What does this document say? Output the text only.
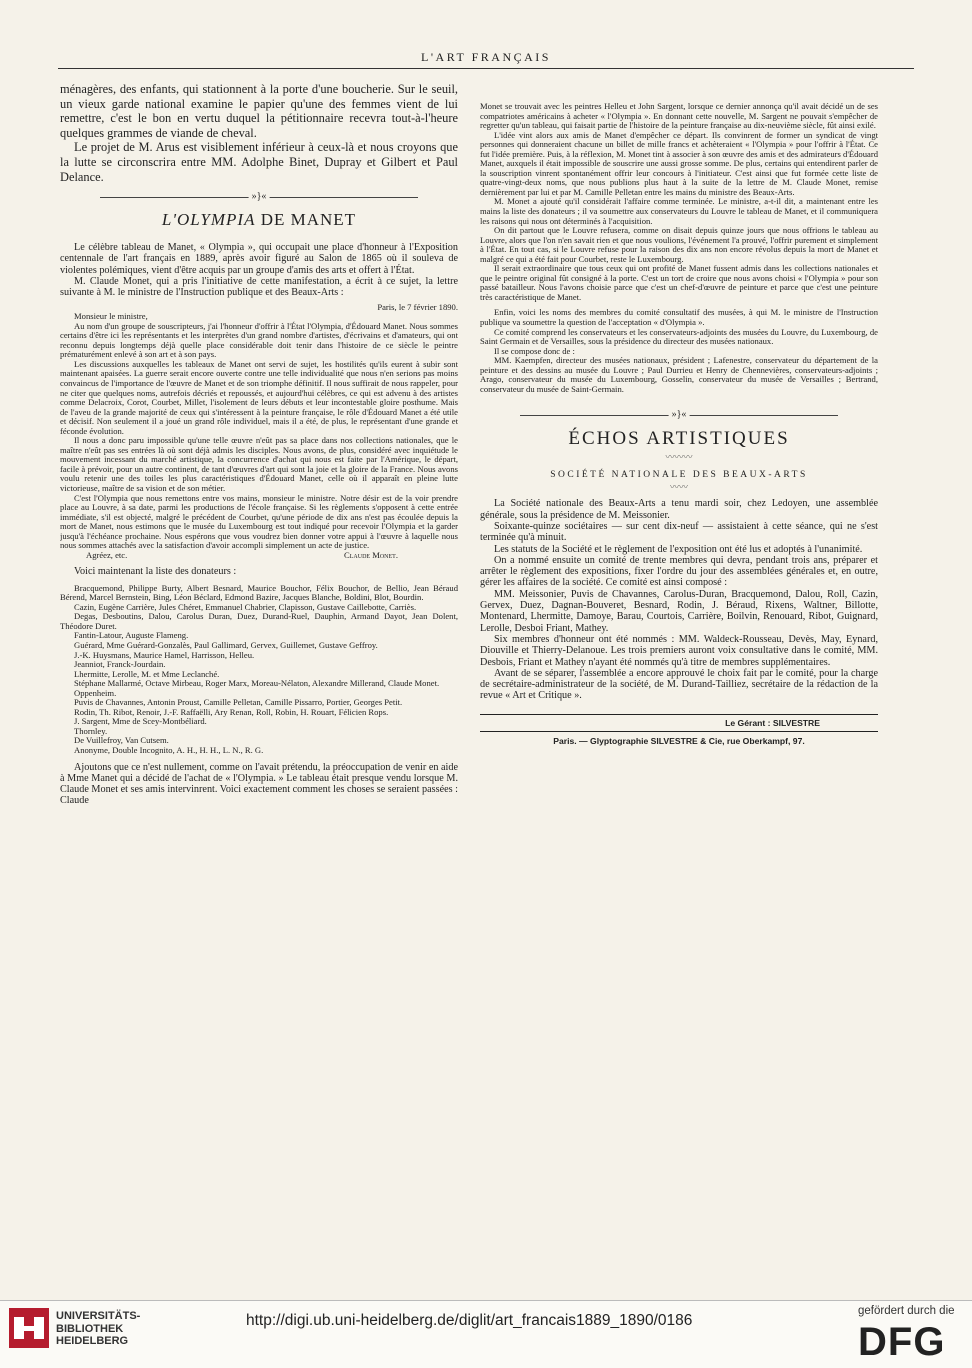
L'ART FRANÇAIS

ménagères, des enfants, qui stationnent à la porte d'une boucherie. Sur le seuil, un vieux garde national examine le papier qu'une des femmes vient de lui remettre, c'est le bon en vertu duquel la pétitionnaire recevra tout-à-l'heure quelques grammes de viande de cheval.

Le projet de M. Arus est visiblement inférieur à ceux-là et nous croyons que la lutte se circonscrira entre MM. Adolphe Binet, Dupray et Gilbert et Paul Delance.

»}«
L'OLYMPIA DE MANET

Le célèbre tableau de Manet, « Olympia », qui occupait une place d'honneur à l'Exposition centennale de l'art français en 1889, après avoir figuré au Salon de 1865 où il souleva de violentes polémiques, vient d'être acquis par un groupe d'amis des arts et offert à l'État.

M. Claude Monet, qui a pris l'initiative de cette manifestation, a écrit à ce sujet, la lettre suivante à M. le ministre de l'Instruction publique et des Beaux-Arts :

Paris, le 7 février 1890.

Monsieur le ministre,

Au nom d'un groupe de souscripteurs, j'ai l'honneur d'offrir à l'État l'Olympia, d'Édouard Manet. Nous sommes certains d'être ici les représentants et les interprètes d'un grand nombre d'artistes, d'écrivains et d'amateurs, qui ont reconnu depuis longtemps déjà quelle place considérable doit tenir dans l'histoire de ce siècle le peintre prématurément enlevé à son art et à son pays.

Les discussions auxquelles les tableaux de Manet ont servi de sujet, les hostilités qu'ils eurent à subir sont maintenant apaisées. La guerre serait encore ouverte contre une telle individualité que nous n'en serions pas moins convaincus de l'importance de l'œuvre de Manet et de son triomphe définitif. Il nous suffirait de nous rappeler, pour ne citer que quelques noms, autrefois décriés et repoussés, et aujourd'hui célèbres, ce qui est advenu à des artistes comme Delacroix, Corot, Courbet, Millet, l'isolement de leurs débuts et leur incontestable gloire posthume. Mais de l'aveu de la grande majorité de ceux qui s'intéressent à la peinture française, le rôle d'Édouard Manet a été utile et décisif. Non seulement il a joué un grand rôle individuel, mais il a été, de plus, le représentant d'une grande et féconde évolution.

Il nous a donc paru impossible qu'une telle œuvre n'eût pas sa place dans nos collections nationales, que le maître n'eût pas ses entrées là où sont déjà admis les disciples. Nous avons, de plus, considéré avec inquiétude le mouvement incessant du marché artistique, la concurrence d'achat qui nous est faite par l'Amérique, le départ, facile à prévoir, pour un autre continent, de tant d'œuvres d'art qui sont la joie et la gloire de la France. Nous avons voulu retenir une des toiles les plus caractéristiques d'Édouard Manet, celle où il apparaît en pleine lutte victorieuse, maître de sa vision et de son métier.

C'est l'Olympia que nous remettons entre vos mains, monsieur le ministre. Notre désir est de la voir prendre place au Louvre, à sa date, parmi les productions de l'école française. Si les règlements s'opposent à cette entrée immédiate, s'il est objecté, malgré le précédent de Courbet, qu'une période de dix ans n'est pas écoulée depuis la mort de Manet, nous estimons que le musée du Luxembourg est tout indiqué pour recevoir l'Olympia et la garder jusqu'à l'échéance prochaine. Nous espérons que vous voudrez bien donner votre appui à l'œuvre à laquelle nous nous sommes attachés avec la satisfaction d'avoir accompli simplement un acte de justice.

Agréez, etc.	Claude Monet.

Voici maintenant la liste des donateurs :

Bracquemond, Philippe Burty, Albert Besnard, Maurice Bouchor, Félix Bouchor, de Bellio, Jean Béraud Bérend, Marcel Bernstein, Bing, Léon Béclard, Edmond Bazire, Jacques Blanche, Boldini, Blot, Bourdin.

Cazin, Eugène Carrière, Jules Chéret, Emmanuel Chabrier, Clapisson, Gustave Caillebotte, Carriès.

Degas, Desboutins, Dalou, Carolus Duran, Duez, Durand-Ruel, Dauphin, Armand Dayot, Jean Dolent, Théodore Duret.

Fantin-Latour, Auguste Flameng.

Guérard, Mme Guérard-Gonzalès, Paul Gallimard, Gervex, Guillemet, Gustave Geffroy.

J.-K. Huysmans, Maurice Hamel, Harrisson, Helleu.

Jeanniot, Franck-Jourdain.

Lhermitte, Lerolle, M. et Mme Leclanché.

Stéphane Mallarmé, Octave Mirbeau, Roger Marx, Moreau-Nélaton, Alexandre Millerand, Claude Monet.

Oppenheim.

Puvis de Chavannes, Antonin Proust, Camille Pelletan, Camille Pissarro, Portier, Georges Petit.

Rodin, Th. Ribot, Renoir, J.-F. Raffaëlli, Ary Renan, Roll, Robin, H. Rouart, Félicien Rops.

J. Sargent, Mme de Scey-Montbéliard.

Thornley.

De Vuillefroy, Van Cutsem.

Anonyme, Double Incognito, A. H., H. H., L. N., R. G.

Ajoutons que ce n'est nullement, comme on l'avait prétendu, la préoccupation de venir en aide à Mme Manet qui a décidé de l'achat de « l'Olympia. » Le tableau était presque vendu lorsque M. Claude Monet et ses amis intervinrent. Voici exactement comment les choses se seraient passées : Claude

Monet se trouvait avec les peintres Helleu et John Sargent, lorsque ce dernier annonça qu'il avait décidé un de ses compatriotes américains à acheter « l'Olympia ». En donnant cette nouvelle, M. Sargent ne pouvait s'empêcher de regretter qu'un tableau, qui faisait partie de l'histoire de la peinture française au dix-neuvième siècle, fût ainsi exilé.

L'idée vint alors aux amis de Manet d'empêcher ce départ. Ils convinrent de former un syndicat de vingt personnes qui donneraient chacune un billet de mille francs et achèteraient « l'Olympia » pour l'offrir à l'État. Ce fut l'idée première. Puis, à la réflexion, M. Monet tint à associer à son œuvre des amis et des admirateurs d'Édouard Manet, auxquels il était impossible de souscrire une aussi grosse somme. De plus, certains qui entendirent parler de la souscription vinrent spontanément offrir leur concours à l'initiateur. C'est ainsi que fut formée cette liste de quatre-vingt-deux noms, que nous publions plus haut à la suite de la lettre de M. Claude Monet, remise dernièrement par lui et par M. Camille Pelletan entre les mains du ministre des Beaux-Arts.

M. Monet a ajouté qu'il considérait l'affaire comme terminée. Le ministre, a-t-il dit, a maintenant entre les mains la liste des donateurs ; il va soumettre aux conservateurs du Louvre le tableau de Manet, et il communiquera les raisons qui nous ont déterminés à l'acquisition.

On dit partout que le Louvre refusera, comme on disait depuis quinze jours que nous offrions le tableau au Louvre, alors que l'on n'en savait rien et que nous voulions, l'événement l'a prouvé, l'offrir purement et simplement à l'État. En tout cas, si le Louvre refuse pour la raison des dix ans non encore révolus depuis la mort de Manet et malgré ce qui a été fait pour Courbet, reste le Luxembourg.

Il serait extraordinaire que tous ceux qui ont profité de Manet fussent admis dans les collections nationales et que le peintre original fût consigné à la porte. C'est un tort de croire que nous avons choisi « l'Olympia » pour son passé batailleur. Nous l'avons choisie parce que c'est un chef-d'œuvre de peinture et parce que c'est une peinture très caractéristique de Manet.

Enfin, voici les noms des membres du comité consultatif des musées, à qui M. le ministre de l'Instruction publique va soumettre la question de l'acceptation « d'Olympia ».

Ce comité comprend les conservateurs et les conservateurs-adjoints des musées du Louvre, du Luxembourg, de Saint Germain et de Versailles, sous la présidence du directeur des musées nationaux.

Il se compose donc de :

MM. Kaempfen, directeur des musées nationaux, président ; Lafenestre, conservateur du département de la peinture et des dessins au musée du Louvre ; Paul Durrieu et Henry de Chennevières, conservateurs-adjoints ; Arago, conservateur du musée du Luxembourg, Gosselin, conservateur du musée de Versailles ; Bertrand, conservateur du musée de Saint-Germain.

»}«
ÉCHOS ARTISTIQUES
〰〰〰
SOCIÉTÉ NATIONALE DES BEAUX-ARTS
〰〰

La Société nationale des Beaux-Arts a tenu mardi soir, chez Ledoyen, une assemblée générale, sous la présidence de M. Meissonier.

Soixante-quinze sociétaires — sur cent dix-neuf — assistaient à cette séance, qui ne s'est terminée qu'à minuit.

Les statuts de la Société et le règlement de l'exposition ont été lus et adoptés à l'unanimité.

On a nommé ensuite un comité de trente membres qui devra, pendant trois ans, préparer et arrêter le règlement des expositions, fixer l'ordre du jour des assemblées générales et, en outre, gérer les affaires de la société. Ce comité est ainsi composé :

MM. Meissonier, Puvis de Chavannes, Carolus-Duran, Bracquemond, Dalou, Roll, Cazin, Gervex, Duez, Dagnan-Bouveret, Besnard, Rodin, J. Béraud, Rixens, Waltner, Billotte, Montenard, Lhermitte, Damoye, Barau, Courtois, Carrière, Boilvin, Renouard, Ribot, Guignard, Lerolle, Desboi Friant, Mathey.

Six membres d'honneur ont été nommés : MM. Waldeck-Rousseau, Devès, May, Eynard, Diouville et Thierry-Delanoue. Les trois premiers auront voix consultative dans le comité, MM. Desbois, Friant et Mathey n'ayant été nommés qu'à titre de membres supplémentaires.

Avant de se séparer, l'assemblée a encore approuvé le choix fait par le comité, pour la charge de secrétaire-administrateur de la société, de M. Durand-Tailliez, secrétaire de la rédaction de la revue « Art et Critique ».

Le Gérant : SILVESTRE

Paris. — Glyptographie SILVESTRE & Cie, rue Oberkampf, 97.

UNIVERSITÄTS-
BIBLIOTHEK
HEIDELBERG
http://digi.ub.uni-heidelberg.de/diglit/art_francais1889_1890/0186
gefördert durch die
DFG
